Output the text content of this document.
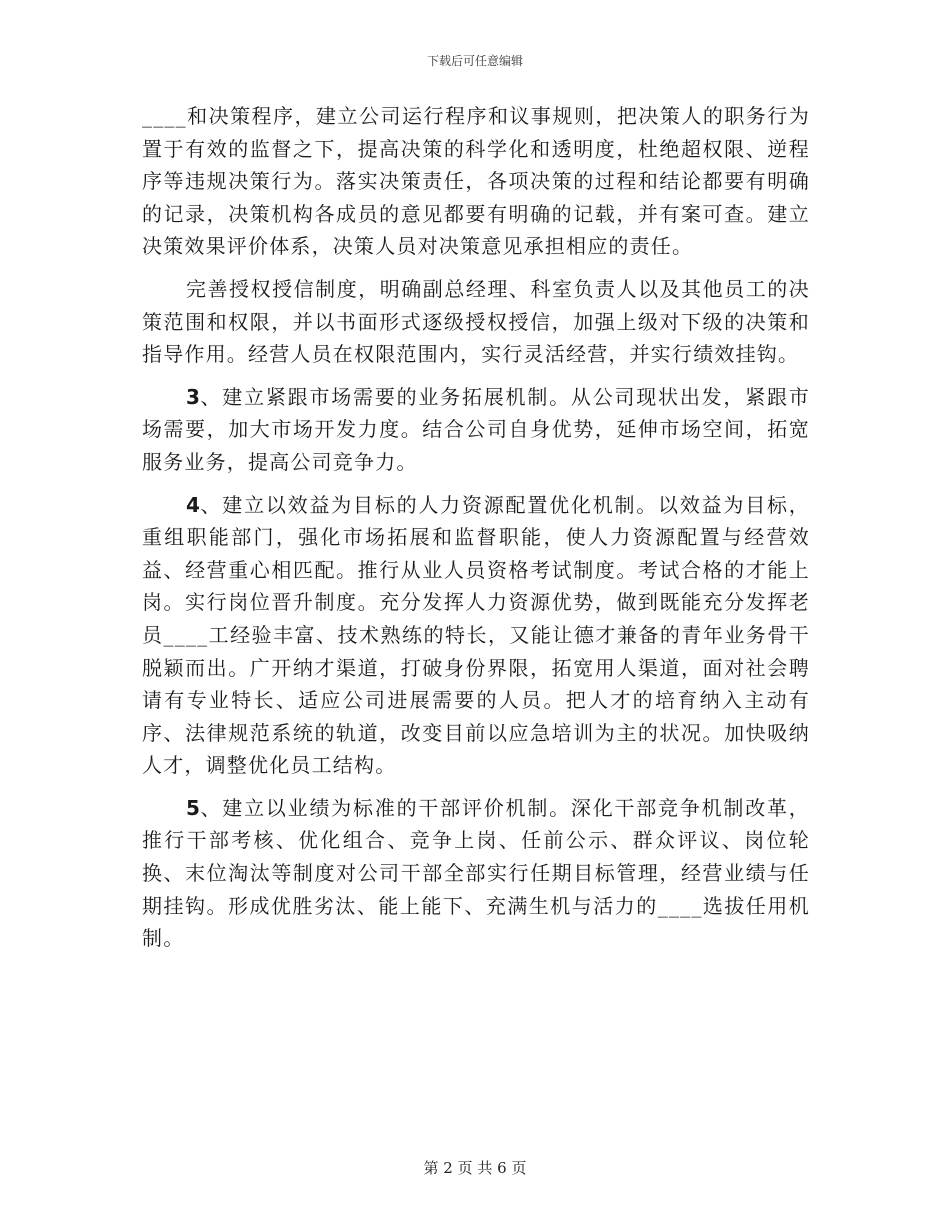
下载后可任意编辑

____和决策程序，建立公司运行程序和议事规则，把决策人的职务行为置于有效的监督之下，提高决策的科学化和透明度，杜绝超权限、逆程序等违规决策行为。落实决策责任，各项决策的过程和结论都要有明确的记录，决策机构各成员的意见都要有明确的记载，并有案可查。建立决策效果评价体系，决策人员对决策意见承担相应的责任。

完善授权授信制度，明确副总经理、科室负责人以及其他员工的决策范围和权限，并以书面形式逐级授权授信，加强上级对下级的决策和指导作用。经营人员在权限范围内，实行灵活经营，并实行绩效挂钩。

3、建立紧跟市场需要的业务拓展机制。从公司现状出发，紧跟市场需要，加大市场开发力度。结合公司自身优势，延伸市场空间，拓宽服务业务，提高公司竞争力。

4、建立以效益为目标的人力资源配置优化机制。以效益为目标，重组职能部门，强化市场拓展和监督职能，使人力资源配置与经营效益、经营重心相匹配。推行从业人员资格考试制度。考试合格的才能上岗。实行岗位晋升制度。充分发挥人力资源优势，做到既能充分发挥老员____工经验丰富、技术熟练的特长，又能让德才兼备的青年业务骨干脱颖而出。广开纳才渠道，打破身份界限，拓宽用人渠道，面对社会聘请有专业特长、适应公司进展需要的人员。把人才的培育纳入主动有序、法律规范系统的轨道，改变目前以应急培训为主的状况。加快吸纳人才，调整优化员工结构。

5、建立以业绩为标准的干部评价机制。深化干部竞争机制改革，推行干部考核、优化组合、竞争上岗、任前公示、群众评议、岗位轮换、末位淘汰等制度对公司干部全部实行任期目标管理，经营业绩与任期挂钩。形成优胜劣汰、能上能下、充满生机与活力的____选拔任用机制。

第 2 页 共 6 页
